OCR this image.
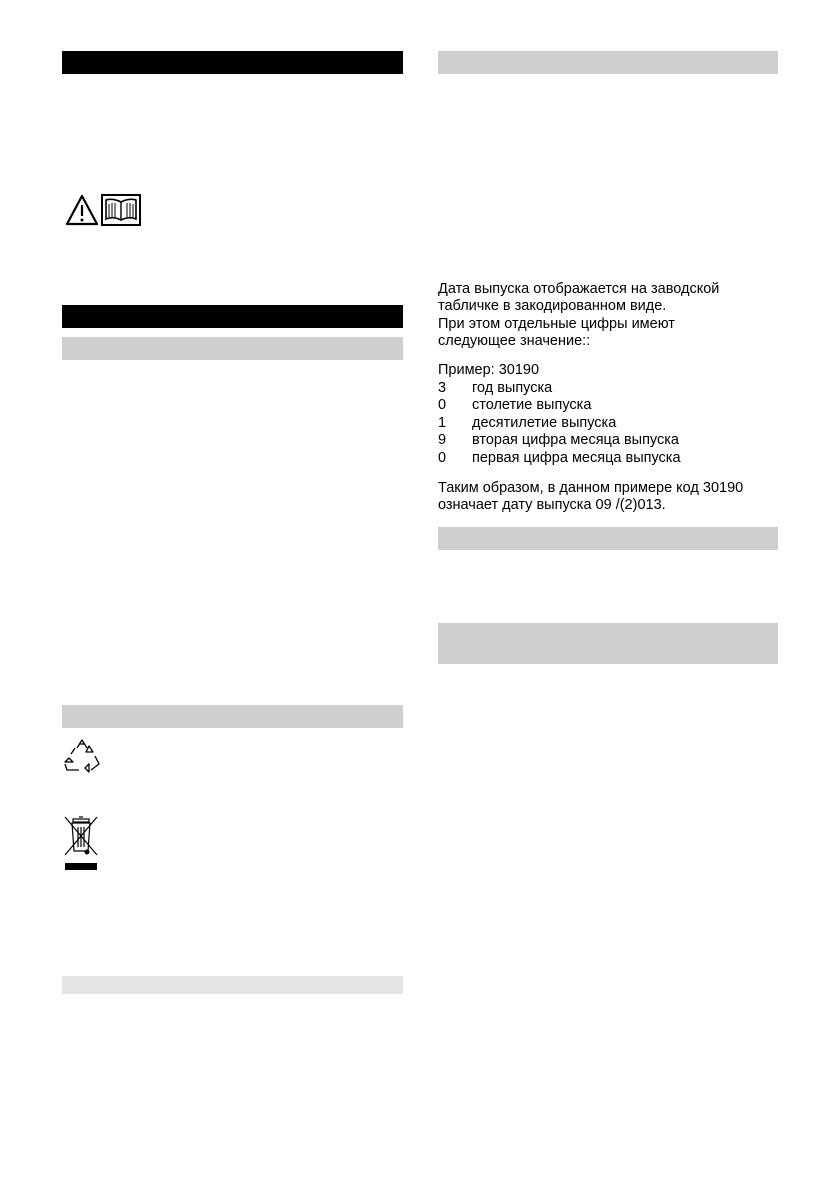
Дата выпуска отображается на заводской

табличке в закодированном виде.

При этом отдельные цифры имеют

следующее значение::

Пример: 30190

3	год выпуска
0	столетие выпуска
1	десятилетие выпуска
9	вторая цифра месяца выпуска
0	первая цифра месяца выпуска

Таким образом, в данном примере код 30190

означает дату выпуска 09 /(2)013.
